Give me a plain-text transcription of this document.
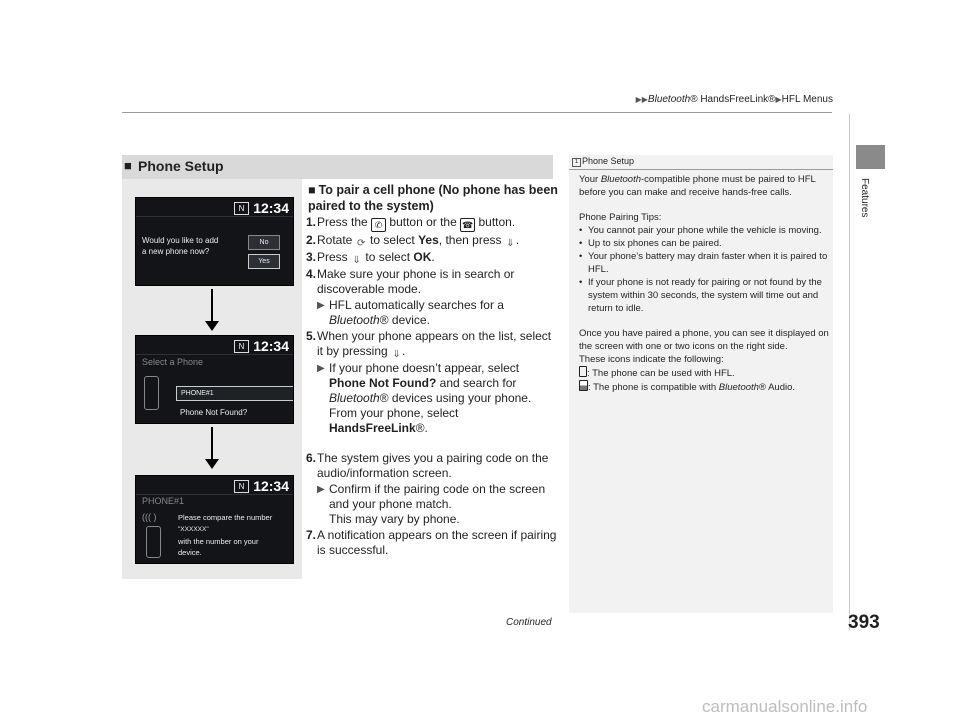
▶▶Bluetooth® HandsFreeLink®▶HFL Menus
Features
■ Phone Setup
N 12:34
Would you like to add a new phone now?
No
Yes
N 12:34
Select a Phone
PHONE#1
Phone Not Found?
N 12:34
PHONE#1
((( )	Please compare the number
"XXXXXX"
with the number on your
device.
■ To pair a cell phone (No phone has been paired to the system)
1. Press the ✆ button or the ☎ button.
2. Rotate ⟳ to select Yes, then press ⇓.
3. Press ⇓ to select OK.
4. Make sure your phone is in search or discoverable mode.
▶ HFL automatically searches for a Bluetooth® device.
5. When your phone appears on the list, select it by pressing ⇓.
▶ If your phone doesn’t appear, select Phone Not Found? and search for Bluetooth® devices using your phone. From your phone, select HandsFreeLink®.
6. The system gives you a pairing code on the audio/information screen.
▶ Confirm if the pairing code on the screen and your phone match.
This may vary by phone.
7. A notification appears on the screen if pairing is successful.
1 Phone Setup

Your Bluetooth-compatible phone must be paired to HFL before you can make and receive hands-free calls.

Phone Pairing Tips:

• You cannot pair your phone while the vehicle is moving.
• Up to six phones can be paired.
• Your phone’s battery may drain faster when it is paired to HFL.
• If your phone is not ready for pairing or not found by the system within 30 seconds, the system will time out and return to idle.

Once you have paired a phone, you can see it displayed on the screen with one or two icons on the right side.

These icons indicate the following:

: The phone can be used with HFL.

: The phone is compatible with Bluetooth® Audio.

Continued	393
carmanualsonline.info
